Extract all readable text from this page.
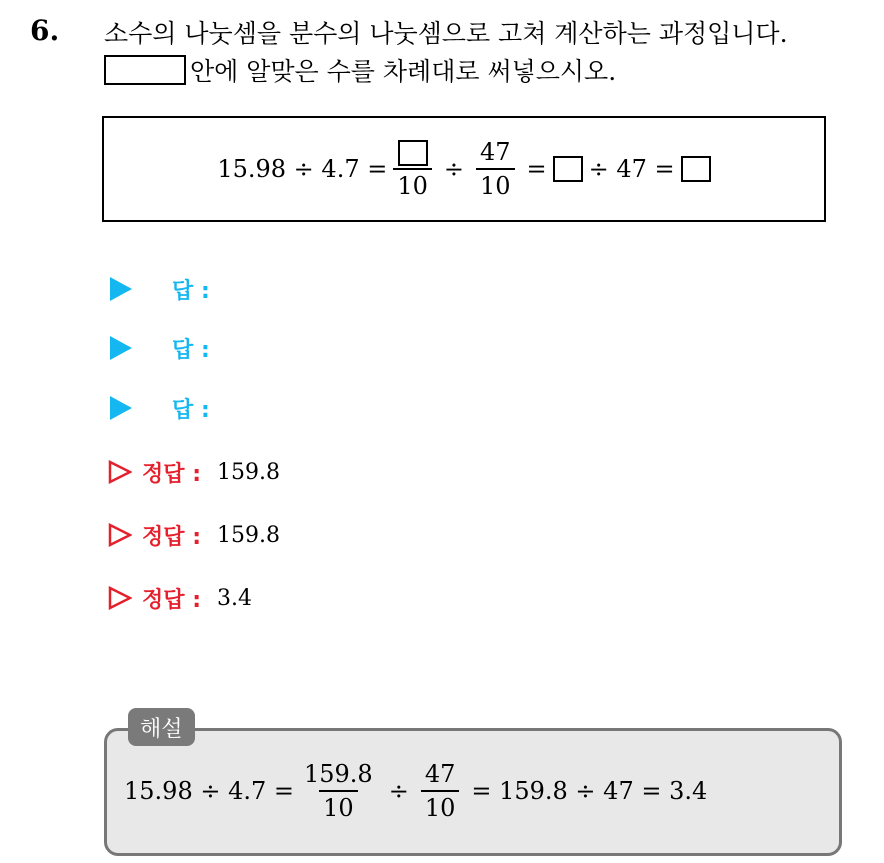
6. 소수의 나눗셈을 분수의 나눗셈으로 고쳐 계산하는 과정입니다.
안에 알맞은 수를 차례대로 써넣으시오.
15.98 ÷ 4.7 =
10
÷ $\frac{47}{10}$ = ÷ 47 =
답 :
답 :
답 :
정답 : 159.8
정답 : 159.8
정답 : 3.4
해설
$15.98 \div 4.7 = \frac{159.8}{10} \div \frac{47}{10} = 159.8 \div 47 = 3.4$
